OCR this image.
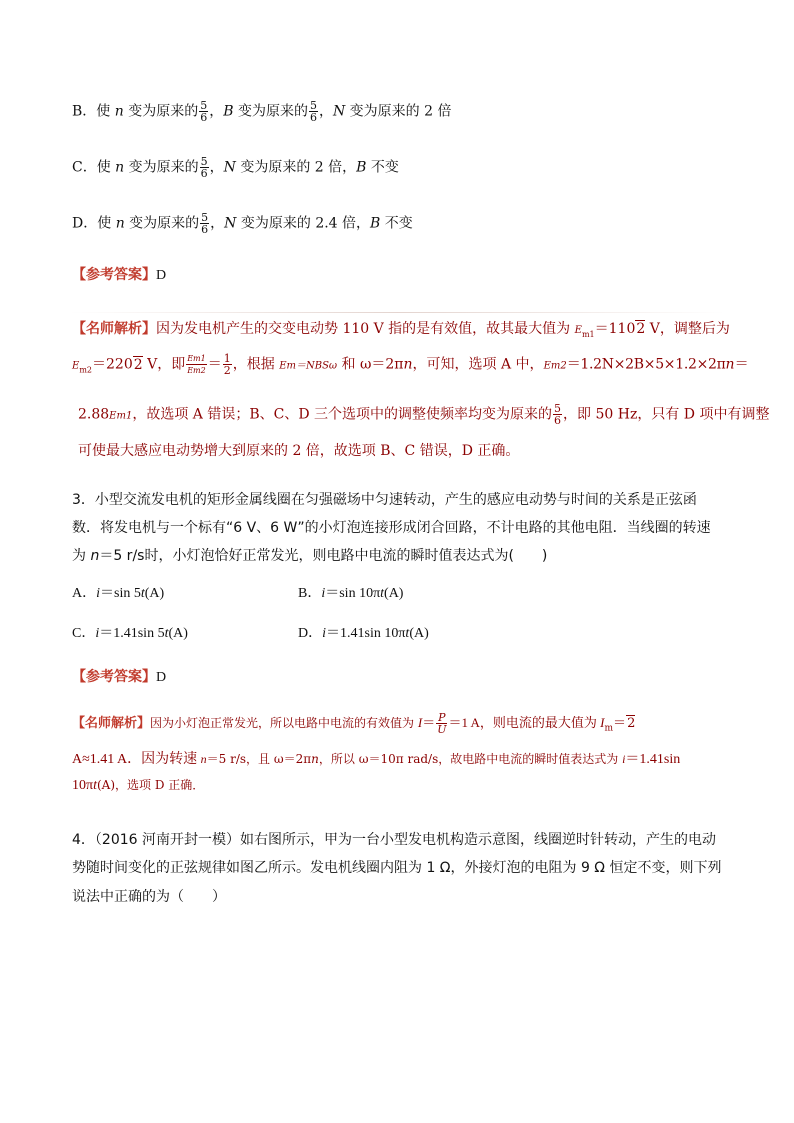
B．使 n 变为原来的 $\frac{5}{6}$ ，B 变为原来的 $\frac{5}{6}$ ，N 变为原来的 2 倍
C．使 n 变为原来的 $\frac{5}{6}$ ，N 变为原来的 2 倍，B 不变
D．使 n 变为原来的 $\frac{5}{6}$ ，N 变为原来的 2.4 倍，B 不变
【参考答案】D
【名师解析】因为发电机产生的交变电动势 110 V 指的是有效值，故其最大值为 $E_{m1}=1102$ V，调整后为
$E_{m2}=2202$ V，即 $\frac{Em1}{Em2} = \frac{1}{2}$ ，根据 Em＝NBSω 和 ω＝2πn，可知，选项 A 中，Em2＝1.2N×2B×5×1.2×2πn＝
2.88Em1，故选项 A 错误；B、C、D 三个选项中的调整使频率均变为原来的 $\frac{5}{6}$ ，即 50 Hz，只有 D 项中有调整
可使最大感应电动势增大到原来的 2 倍，故选项 B、C 错误，D 正确。
3．小型交流发电机的矩形金属线圈在匀强磁场中匀速转动，产生的感应电动势与时间的关系是正弦函
数．将发电机与一个标有“6 V、6 W”的小灯泡连接形成闭合回路，不计电路的其他电阻．当线圈的转速
为 n＝5 r/s时，小灯泡恰好正常发光，则电路中电流的瞬时值表达式为(　　)
A．i＝sin 5t(A)	B．i＝sin 10πt(A)
C．i＝1.41sin 5t(A)	D．i＝1.41sin 10πt(A)
【参考答案】D
【名师解析】因为小灯泡正常发光，所以电路中电流的有效值为 $I= \frac{P}{U} =1$ A，则电流的最大值为 $I_m=2$
A≈1.41 A．因为转速 n＝5 r/s，且 ω＝2πn，所以 ω＝10π rad/s，故电路中电流的瞬时值表达式为 i＝1.41sin
10πt(A)，选项 D 正确．
4．（2016 河南开封一模）如右图所示，甲为一台小型发电机构造示意图，线圈逆时针转动，产生的电动
势随时间变化的正弦规律如图乙所示。发电机线圈内阻为 1 Ω，外接灯泡的电阻为 9 Ω 恒定不变，则下列
说法中正确的为（　　）
